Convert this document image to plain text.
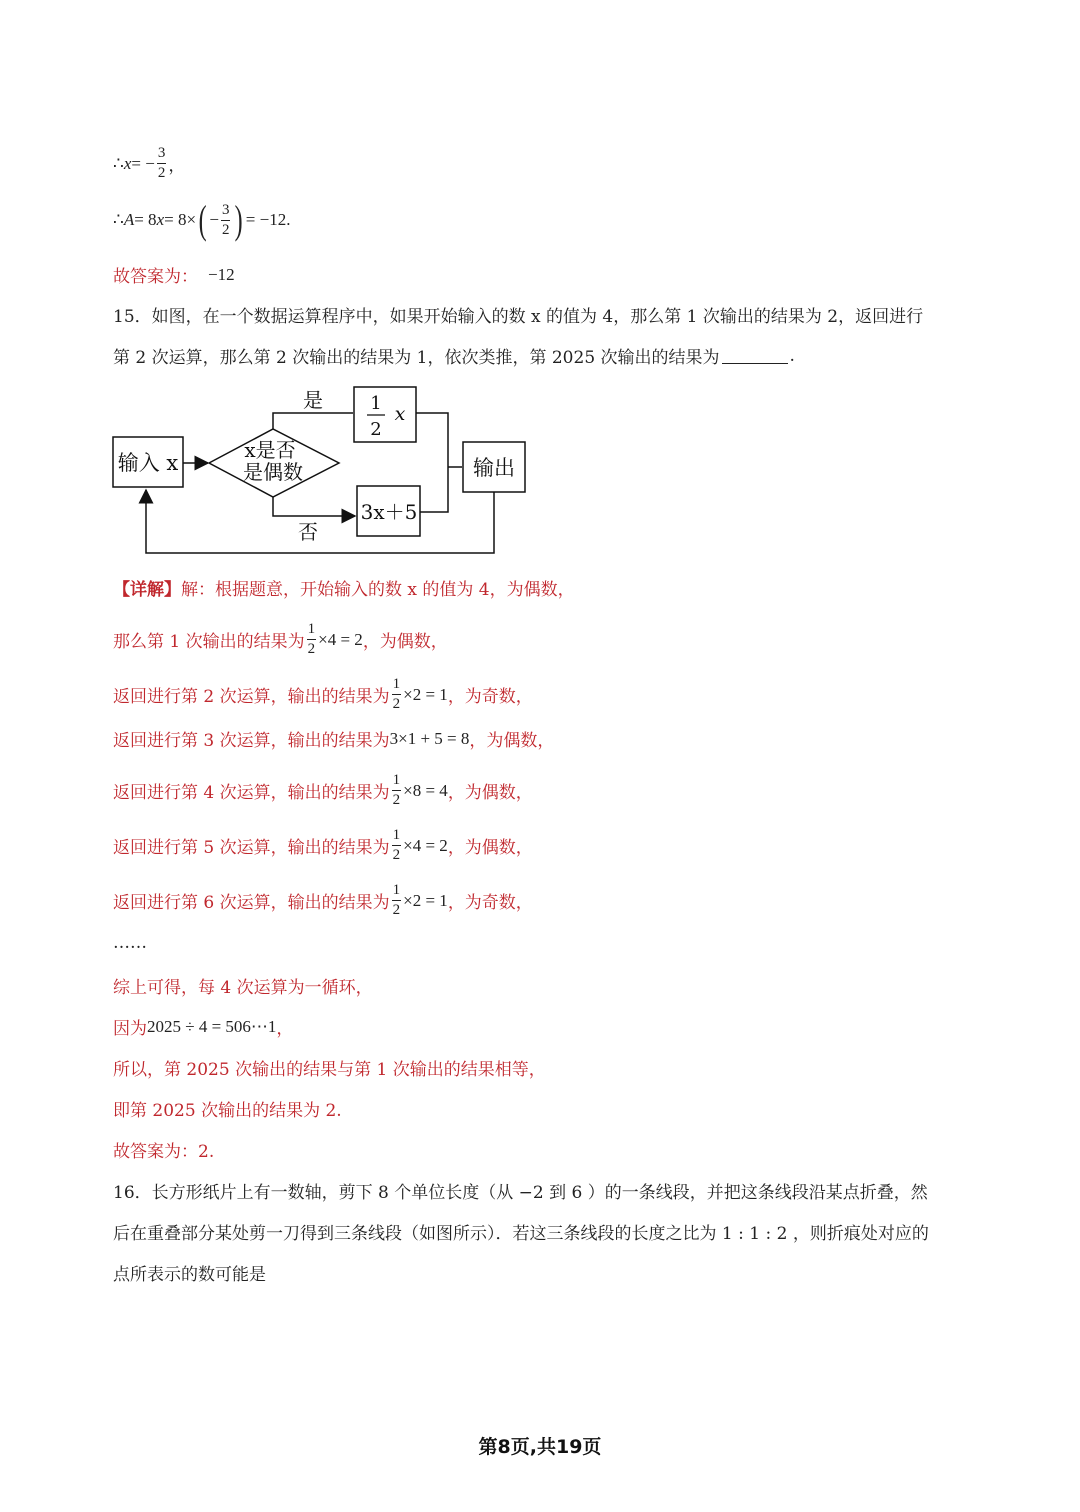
∴ x = − $\frac{3}{2}$ ，
∴ A = 8 x = 8× ( − $\frac{3}{2}$ ) = −12 .
故答案为： −12
15．如图，在一个数据运算程序中，如果开始输入的数 x 的值为 4，那么第 1 次输出的结果为 2，返回进行
第 2 次运算，那么第 2 次输出的结果为 1，依次类推，第 2025 次输出的结果为	.
输入 x
x是否
是偶数
是	1
2
x
否
3x＋5
输出
【详解】 解：根据题意，开始输入的数 x 的值为 4，为偶数，
那么第 1 次输出的结果为 $\frac{1}{2} \times 4 = 2$ ，为偶数，
返回进行第 2 次运算，输出的结果为 $\frac{1}{2} \times 2 = 1$ ，为奇数，
返回进行第 3 次运算，输出的结果为 3×1 + 5 = 8 ，为偶数，
返回进行第 4 次运算，输出的结果为 $\frac{1}{2} \times 8 = 4$ ，为偶数，
返回进行第 5 次运算，输出的结果为 $\frac{1}{2} \times 4 = 2$ ，为偶数，
返回进行第 6 次运算，输出的结果为 $\frac{1}{2} \times 2 = 1$ ，为奇数，
……
综上可得，每 4 次运算为一循环，
因为 2025 ÷ 4 = 506⋯1 ，
所以，第 2025 次输出的结果与第 1 次输出的结果相等，
即第 2025 次输出的结果为 2.
故答案为：2.
16．长方形纸片上有一数轴，剪下 8 个单位长度（从 −2 到 6 ）的一条线段，并把这条线段沿某点折叠，然
后在重叠部分某处剪一刀得到三条线段（如图所示）．若这三条线段的长度之比为 1 : 1 : 2 ，则折痕处对应的
点所表示的数可能是
第8页,共19页
